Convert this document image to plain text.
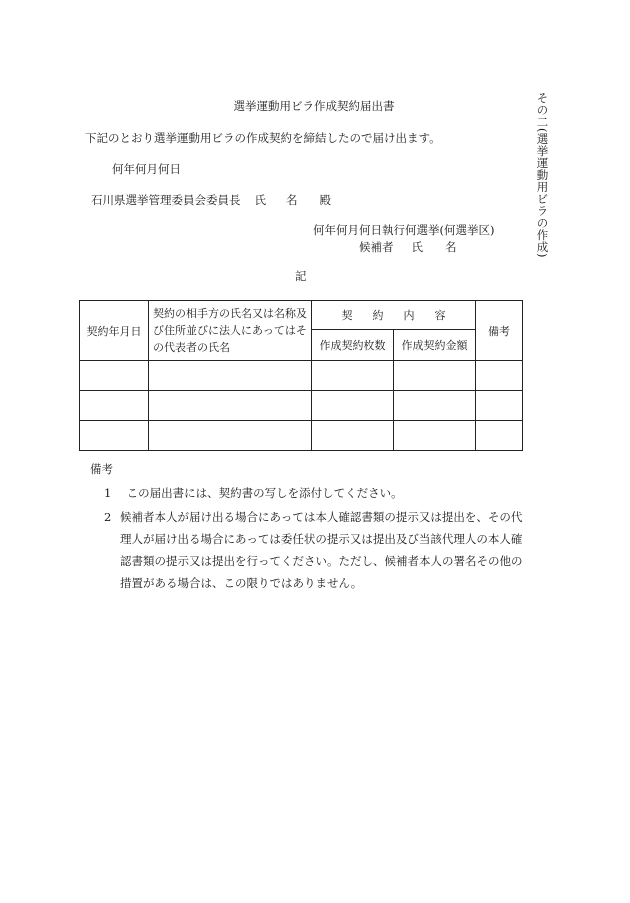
その二(選挙運動用ビラの作成)
選挙運動用ビラ作成契約届出書
下記のとおり選挙運動用ビラの作成契約を締結したので届け出ます。
何年何月何日
石川県選挙管理委員会委員長 氏 名 殿
何年何月何日執行何選挙(何選挙区)
候補者 氏 名
記
契約年月日	契約の相手方の氏名又は名称及び住所並びに法人にあってはその代表者の氏名	契 約 内 容		備考
		作成契約枚数	作成契約金額	

備考
1 この届出書には、契約書の写しを添付してください。
2 候補者本人が届け出る場合にあっては本人確認書類の提示又は提出を、その代理人が届け出る場合にあっては委任状の提示又は提出及び当該代理人の本人確認書類の提示又は提出を行ってください。ただし、候補者本人の署名その他の措置がある場合は、この限りではありません。
